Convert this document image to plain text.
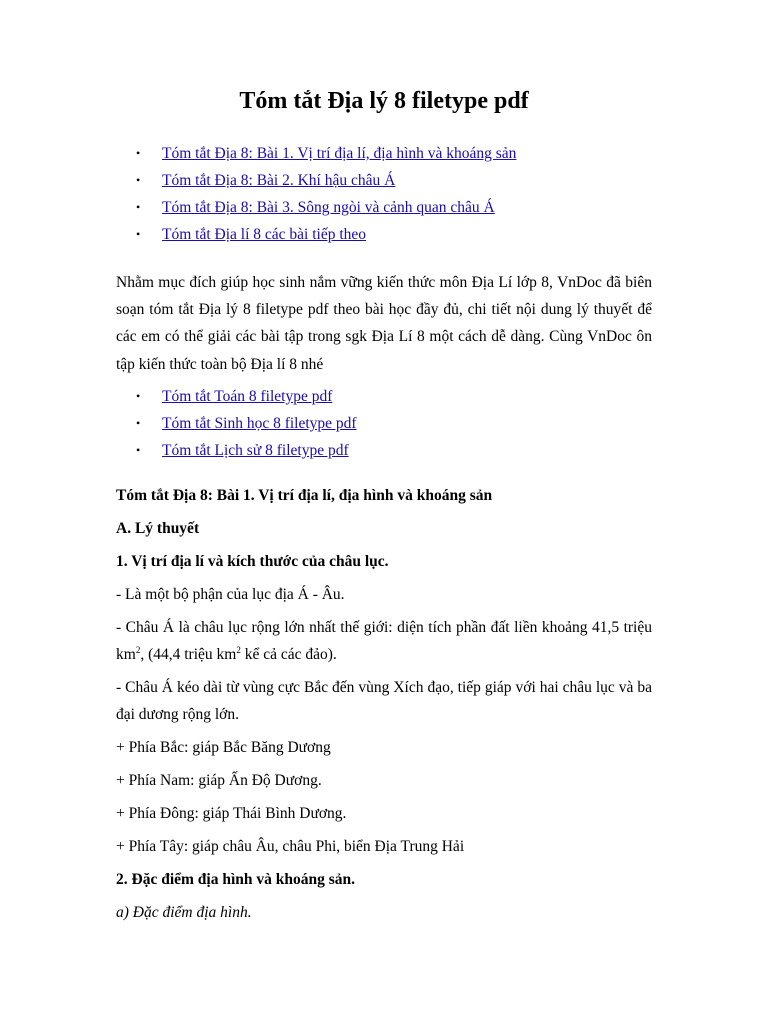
Tóm tắt Địa lý 8 filetype pdf
• Tóm tắt Địa 8: Bài 1. Vị trí địa lí, địa hình và khoáng sản
• Tóm tắt Địa 8: Bài 2. Khí hậu châu Á
• Tóm tắt Địa 8: Bài 3. Sông ngòi và cảnh quan châu Á
• Tóm tắt Địa lí 8 các bài tiếp theo

Nhằm mục đích giúp học sinh nắm vững kiến thức môn Địa Lí lớp 8, VnDoc đã biên soạn tóm tắt Địa lý 8 filetype pdf theo bài học đầy đủ, chi tiết nội dung lý thuyết để các em có thể giải các bài tập trong sgk Địa Lí 8 một cách dễ dàng. Cùng VnDoc ôn tập kiến thức toàn bộ Địa lí 8 nhé

• Tóm tắt Toán 8 filetype pdf
• Tóm tắt Sinh học 8 filetype pdf
• Tóm tắt Lịch sử 8 filetype pdf

Tóm tắt Địa 8: Bài 1. Vị trí địa lí, địa hình và khoáng sản

A. Lý thuyết

1. Vị trí địa lí và kích thước của châu lục.

- Là một bộ phận của lục địa Á - Âu.

- Châu Á là châu lục rộng lớn nhất thế giới: diện tích phần đất liền khoảng 41,5 triệu $km^2$, (44,4 triệu $km^2$ kể cả các đảo).

- Châu Á kéo dài từ vùng cực Bắc đến vùng Xích đạo, tiếp giáp với hai châu lục và ba đại dương rộng lớn.

+ Phía Bắc: giáp Bắc Băng Dương

+ Phía Nam: giáp Ấn Độ Dương.

+ Phía Đông: giáp Thái Bình Dương.

+ Phía Tây: giáp châu Âu, châu Phi, biển Địa Trung Hải

2. Đặc điểm địa hình và khoáng sản.

a) Đặc điểm địa hình.
